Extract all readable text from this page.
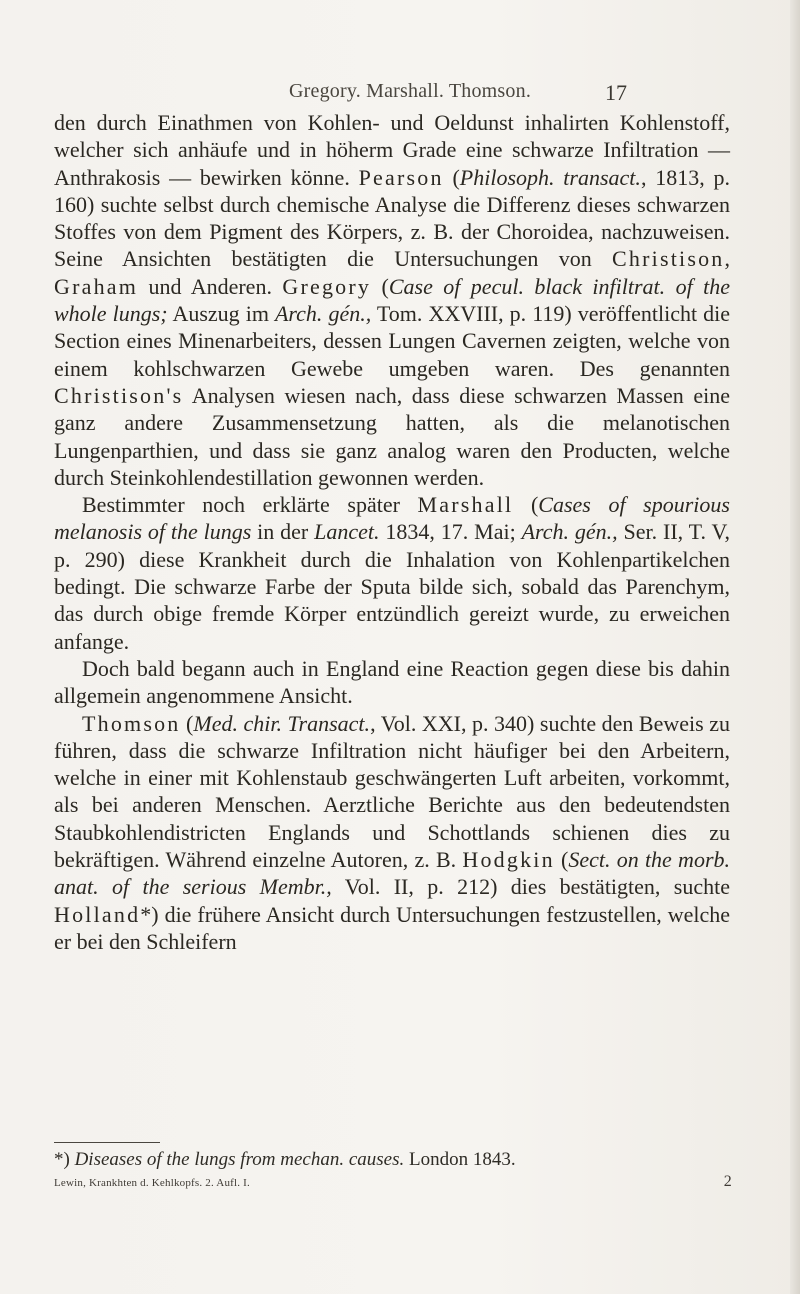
Gregory. Marshall. Thomson.	17

den durch Einathmen von Kohlen- und Oeldunst inhalirten Kohlenstoff, welcher sich anhäufe und in höherm Grade eine schwarze Infiltration — Anthrakosis — bewirken könne. Pearson (Philosoph. transact., 1813, p. 160) suchte selbst durch chemische Analyse die Differenz dieses schwarzen Stoffes von dem Pigment des Körpers, z. B. der Choroidea, nachzuweisen. Seine Ansichten bestätigten die Untersuchungen von Christison, Graham und Anderen. Gregory (Case of pecul. black infiltrat. of the whole lungs; Auszug im Arch. gén., Tom. XXVIII, p. 119) veröffentlicht die Section eines Minenarbeiters, dessen Lungen Cavernen zeigten, welche von einem kohlschwarzen Gewebe umgeben waren. Des genannten Christison's Analysen wiesen nach, dass diese schwarzen Massen eine ganz andere Zusammensetzung hatten, als die melanotischen Lungenparthien, und dass sie ganz analog waren den Producten, welche durch Steinkohlendestillation gewonnen werden.

Bestimmter noch erklärte später Marshall (Cases of spourious melanosis of the lungs in der Lancet. 1834, 17. Mai; Arch. gén., Ser. II, T. V, p. 290) diese Krankheit durch die Inhalation von Kohlenpartikelchen bedingt. Die schwarze Farbe der Sputa bilde sich, sobald das Parenchym, das durch obige fremde Körper entzündlich gereizt wurde, zu erweichen anfange.

Doch bald begann auch in England eine Reaction gegen diese bis dahin allgemein angenommene Ansicht.

Thomson (Med. chir. Transact., Vol. XXI, p. 340) suchte den Beweis zu führen, dass die schwarze Infiltration nicht häufiger bei den Arbeitern, welche in einer mit Kohlenstaub geschwängerten Luft arbeiten, vorkommt, als bei anderen Menschen. Aerztliche Berichte aus den bedeutendsten Staubkohlendistricten Englands und Schottlands schienen dies zu bekräftigen. Während einzelne Autoren, z. B. Hodgkin (Sect. on the morb. anat. of the serious Membr., Vol. II, p. 212) dies bestätigten, suchte Holland*) die frühere Ansicht durch Untersuchungen festzustellen, welche er bei den Schleifern

*) Diseases of the lungs from mechan. causes. London 1843.
Lewin, Krankhten d. Kehlkopfs. 2. Aufl. I.	2
